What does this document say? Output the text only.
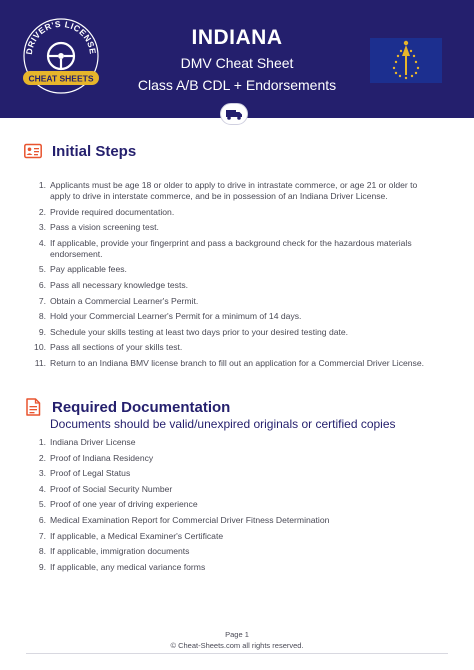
DRIVER'S LICENSE
CHEAT SHEETS
INDIANA
DMV Cheat Sheet
Class A/B CDL + Endorsements
Initial Steps
1. Applicants must be age 18 or older to apply to drive in intrastate commerce, or age 21 or older to apply to drive in interstate commerce, and be in possession of an Indiana Driver License.
2. Provide required documentation.
3. Pass a vision screening test.
4. If applicable, provide your fingerprint and pass a background check for the hazardous materials endorsement.
5. Pay applicable fees.
6. Pass all necessary knowledge tests.
7. Obtain a Commercial Learner's Permit.
8. Hold your Commercial Learner's Permit for a minimum of 14 days.
9. Schedule your skills testing at least two days prior to your desired testing date.
10. Pass all sections of your skills test.
11. Return to an Indiana BMV license branch to fill out an application for a Commercial Driver License.
Required Documentation
Documents should be valid/unexpired originals or certified copies
1. Indiana Driver License
2. Proof of Indiana Residency
3. Proof of Legal Status
4. Proof of Social Security Number
5. Proof of one year of driving experience
6. Medical Examination Report for Commercial Driver Fitness Determination
7. If applicable, a Medical Examiner's Certificate
8. If applicable, immigration documents
9. If applicable, any medical variance forms
Page 1
© Cheat-Sheets.com all rights reserved.
